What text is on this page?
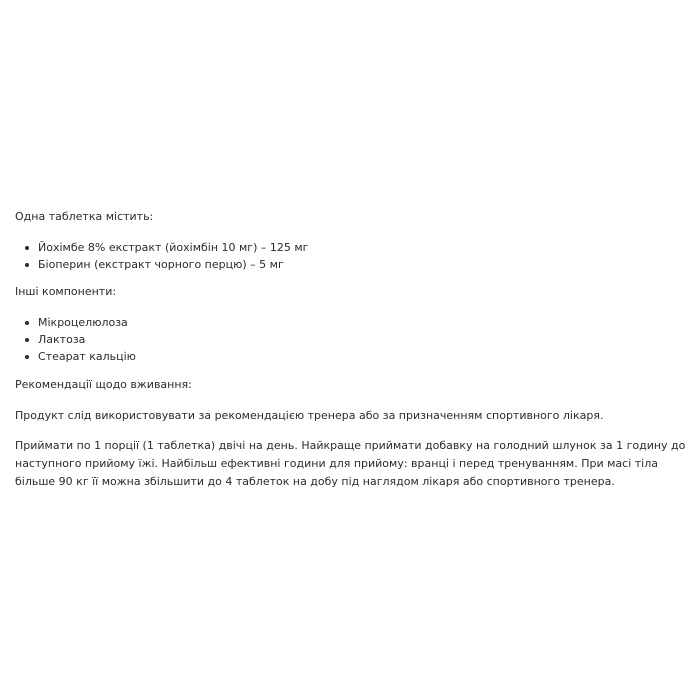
Одна таблетка містить:

Йохімбе 8% екстракт (йохімбін 10 мг) – 125 мг
Біоперин (екстракт чорного перцю) – 5 мг

Інші компоненти:

Мікроцелюлоза
Лактоза
Стеарат кальцію

Рекомендації щодо вживання:

Продукт слід використовувати за рекомендацією тренера або за призначенням спортивного лікаря.

Приймати по 1 порції (1 таблетка) двічі на день. Найкраще приймати добавку на голодний шлунок за 1 годину до наступного прийому їжі. Найбільш ефективні години для прийому: вранці і перед тренуванням. При масі тіла більше 90 кг її можна збільшити до 4 таблеток на добу під наглядом лікаря або спортивного тренера.
